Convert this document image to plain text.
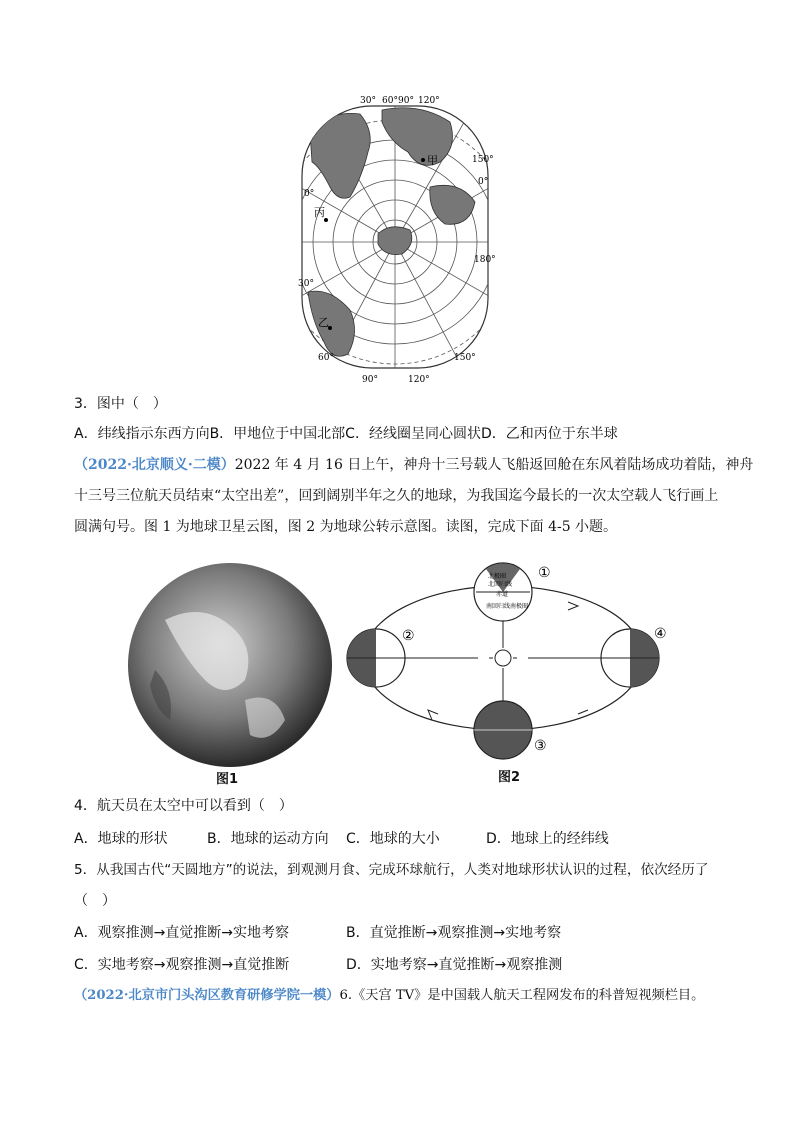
30° 60° 90° 120°
150°
0°
180°
0°
30°
60°
90°	120°
150°
甲
丙
乙
3．图中（　）
A．纬线指示东西方向B．甲地位于中国北部C．经线圈呈同心圆状D．乙和丙位于东半球
（2022·北京顺义·二模）2022 年 4 月 16 日上午，神舟十三号载人飞船返回舱在东风着陆场成功着陆，神舟
十三号三位航天员结束“太空出差”，回到阔别半年之久的地球，为我国迄今最长的一次太空载人飞行画上
圆满句号。图 1 为地球卫星云图，图 2 为地球公转示意图。读图，完成下面 4-5 小题。
图1
①
②
③
④
北极圈
北回归线
赤道
南回归线 南极圈
图2
4．航天员在太空中可以看到（　）
A．地球的形状	B．地球的运动方向 C．地球的大小	D．地球上的经纬线
5．从我国古代“天圆地方”的说法，到观测月食、完成环球航行，人类对地球形状认识的过程，依次经历了
（　）
A．观察推测→直觉推断→实地考察	B．直觉推断→观察推测→实地考察
C．实地考察→观察推测→直觉推断	D．实地考察→直觉推断→观察推测
（2022·北京市门头沟区教育研修学院一模）6.《天宫 TV》是中国载人航天工程网发布的科普短视频栏目。
